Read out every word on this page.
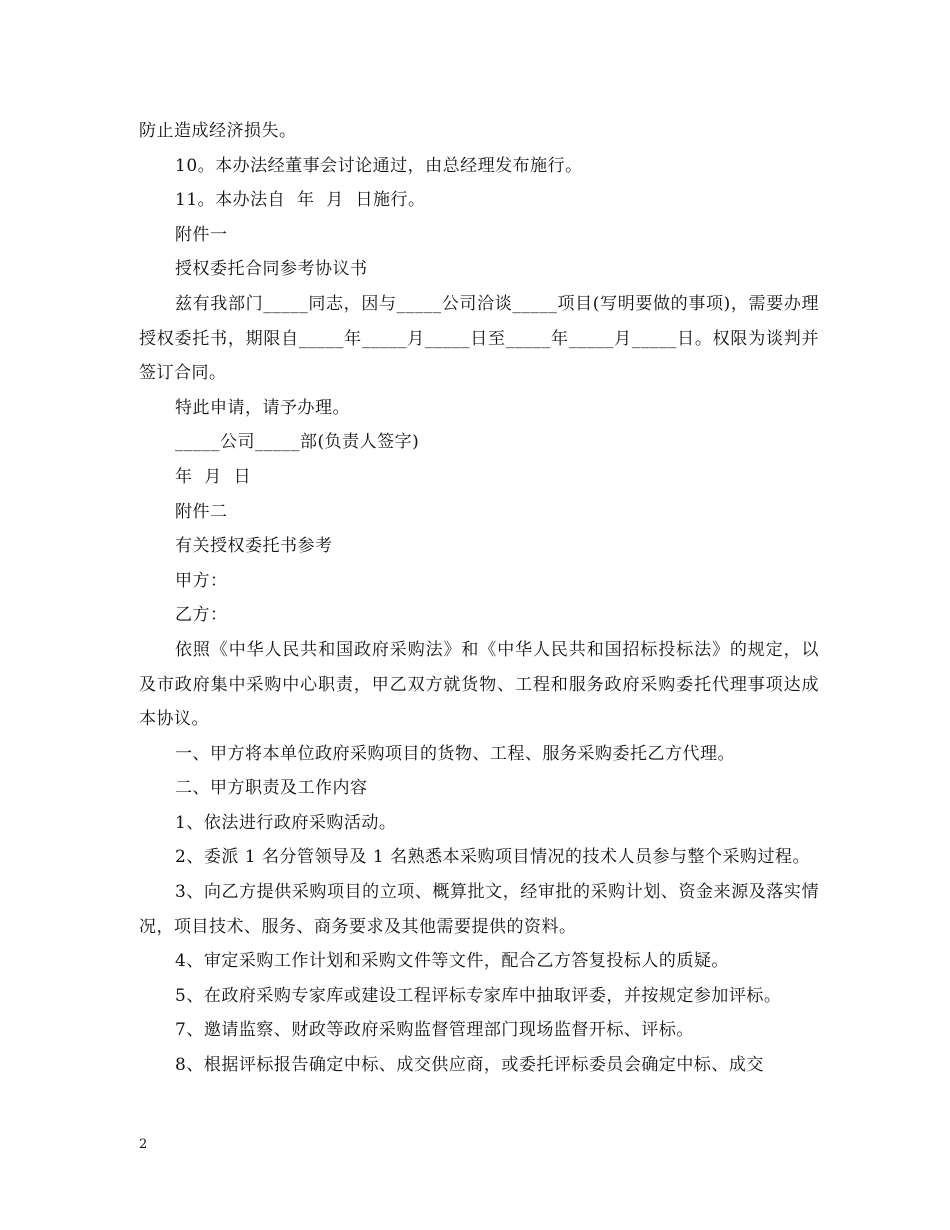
防止造成经济损失。

10。本办法经董事会讨论通过，由总经理发布施行。

11。本办法自  年  月  日施行。

附件一

授权委托合同参考协议书

兹有我部门_____同志，因与_____公司洽谈_____项目(写明要做的事项)，需要办理授权委托书，期限自_____年_____月_____日至_____年_____月_____日。权限为谈判并签订合同。

特此申请，请予办理。

_____公司_____部(负责人签字)

年  月  日

附件二

有关授权委托书参考

甲方：

乙方：

依照《中华人民共和国政府采购法》和《中华人民共和国招标投标法》的规定，以及市政府集中采购中心职责，甲乙双方就货物、工程和服务政府采购委托代理事项达成本协议。

一、甲方将本单位政府采购项目的货物、工程、服务采购委托乙方代理。

二、甲方职责及工作内容

1、依法进行政府采购活动。

2、委派 1 名分管领导及 1 名熟悉本采购项目情况的技术人员参与整个采购过程。

3、向乙方提供采购项目的立项、概算批文，经审批的采购计划、资金来源及落实情况，项目技术、服务、商务要求及其他需要提供的资料。

4、审定采购工作计划和采购文件等文件，配合乙方答复投标人的质疑。

5、在政府采购专家库或建设工程评标专家库中抽取评委，并按规定参加评标。

7、邀请监察、财政等政府采购监督管理部门现场监督开标、评标。

8、根据评标报告确定中标、成交供应商，或委托评标委员会确定中标、成交

2
